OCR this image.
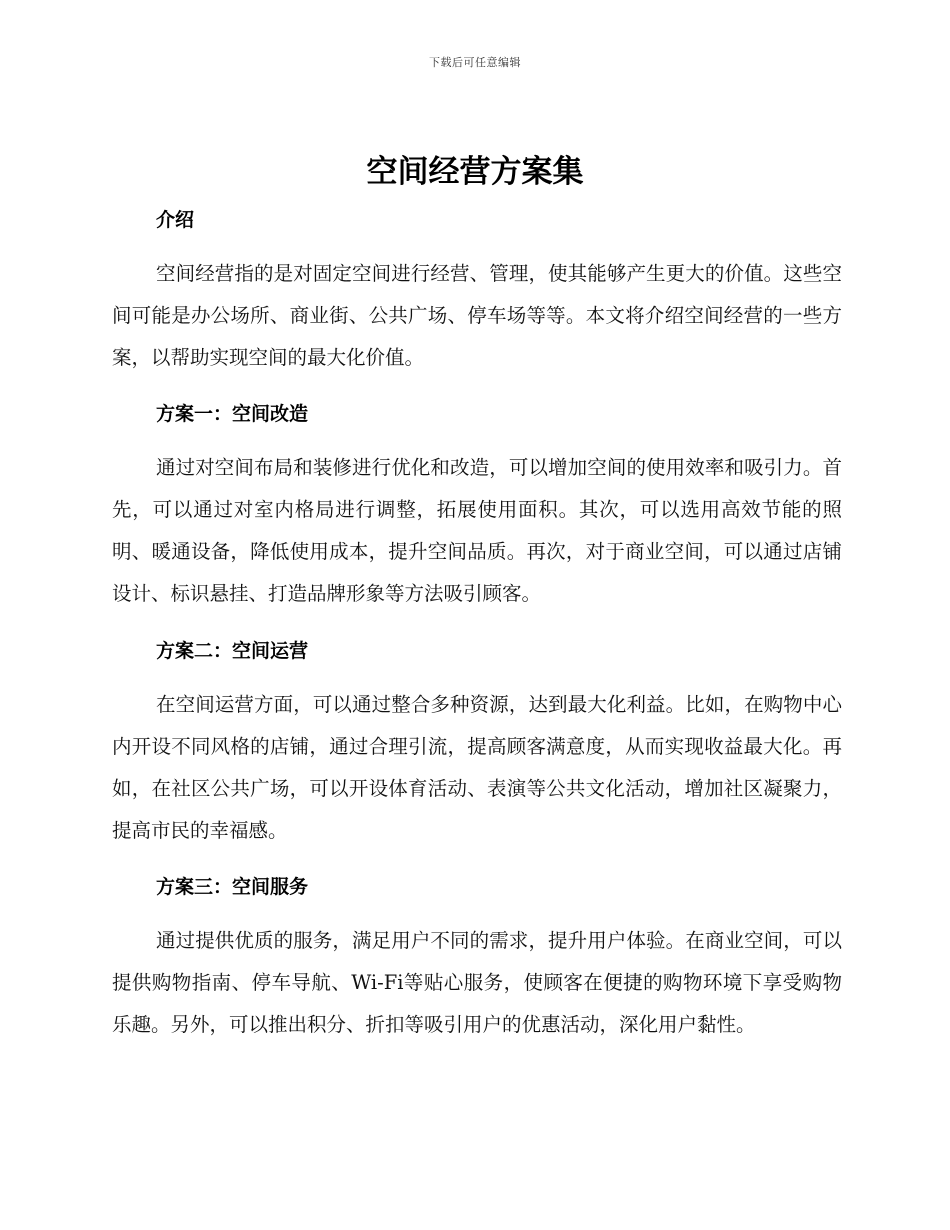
下载后可任意编辑
空间经营方案集
介绍

空间经营指的是对固定空间进行经营、管理，使其能够产生更大的价值。这些空间可能是办公场所、商业街、公共广场、停车场等等。本文将介绍空间经营的一些方案，以帮助实现空间的最大化价值。

方案一：空间改造

通过对空间布局和装修进行优化和改造，可以增加空间的使用效率和吸引力。首先，可以通过对室内格局进行调整，拓展使用面积。其次，可以选用高效节能的照明、暖通设备，降低使用成本，提升空间品质。再次，对于商业空间，可以通过店铺设计、标识悬挂、打造品牌形象等方法吸引顾客。

方案二：空间运营

在空间运营方面，可以通过整合多种资源，达到最大化利益。比如，在购物中心内开设不同风格的店铺，通过合理引流，提高顾客满意度，从而实现收益最大化。再如，在社区公共广场，可以开设体育活动、表演等公共文化活动，增加社区凝聚力，提高市民的幸福感。

方案三：空间服务

通过提供优质的服务，满足用户不同的需求，提升用户体验。在商业空间，可以提供购物指南、停车导航、Wi-Fi等贴心服务，使顾客在便捷的购物环境下享受购物乐趣。另外，可以推出积分、折扣等吸引用户的优惠活动，深化用户黏性。
